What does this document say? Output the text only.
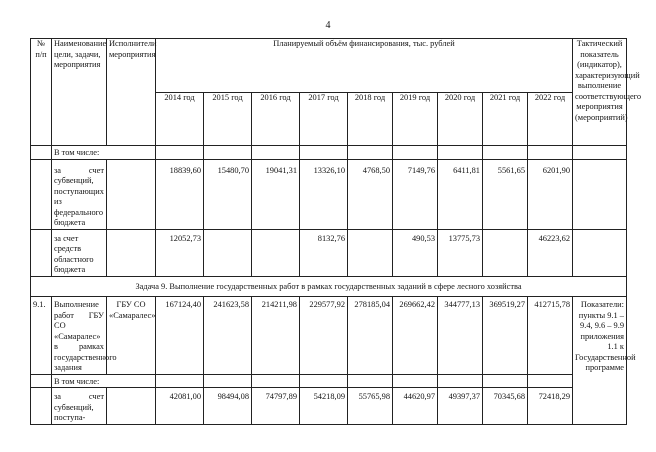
4
№ п/п	Наименование цели, задачи, мероприятия	Исполнители мероприятия	Планируемый объём финансирования, тыс. рублей									Тактический показатель (индикатор), характеризующий выполнение соответствующего мероприятия (мероприятий)
			2014 год	2015 год	2016 год	2017 год	2018 год	2019 год	2020 год	2021 год	2022 год	
	В том числе:											
	за счет субвенций, поступающих из федерального бюджета		18839,60	15480,70	19041,31	13326,10	4768,50	7149,76	6411,81	5561,65	6201,90	
	за счет средств областного бюджета		12052,73			8132,76		490,53	13775,73		46223,62	
Задача 9. Выполнение государственных работ в рамках государственных заданий в сфере лесного хозяйства												
9.1.	Выполнение работ ГБУ СО «Самаралес» в рамках государственного задания	ГБУ СО «Самаралес»	167124,40	241623,58	214211,98	229577,92	278185,04	269662,42	344777,13	369519,27	412715,78	Показатели: пункты 9.1 – 9.4, 9.6 – 9.9 приложения 1.1 к Государственной программе
	В том числе:											
	за счет субвенций, поступа-		42081,00	98494,08	74797,89	54218,09	55765,98	44620,97	49397,37	70345,68	72418,29	
